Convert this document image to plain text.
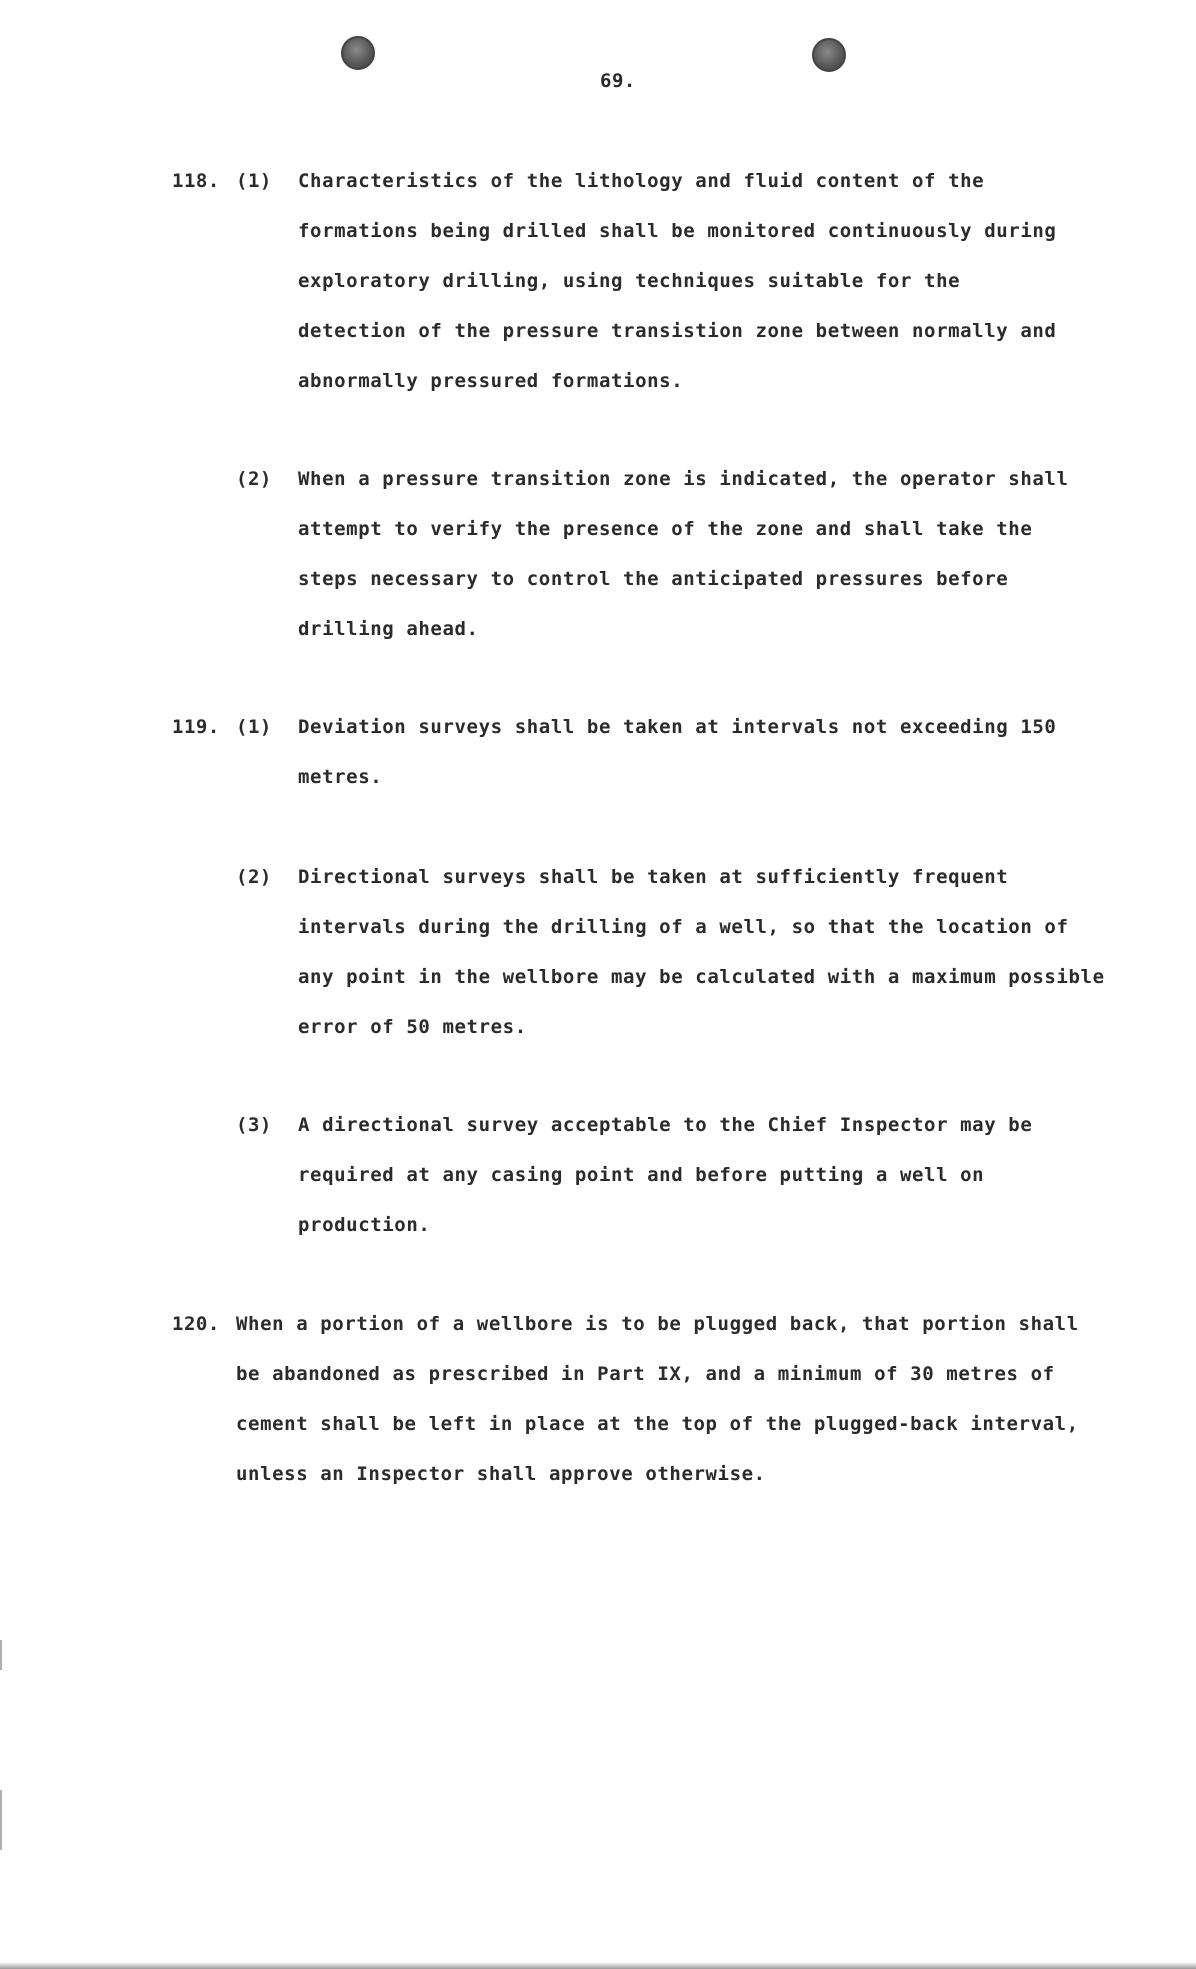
69.
118. (1) Characteristics of the lithology and fluid content of the
formations being drilled shall be monitored continuously during
exploratory drilling, using techniques suitable for the
detection of the pressure transistion zone between normally and
abnormally pressured formations.
(2) When a pressure transition zone is indicated, the operator shall
attempt to verify the presence of the zone and shall take the
steps necessary to control the anticipated pressures before
drilling ahead.
119. (1) Deviation surveys shall be taken at intervals not exceeding 150
metres.
(2) Directional surveys shall be taken at sufficiently frequent
intervals during the drilling of a well, so that the location of
any point in the wellbore may be calculated with a maximum possible
error of 50 metres.
(3) A directional survey acceptable to the Chief Inspector may be
required at any casing point and before putting a well on
production.
120. When a portion of a wellbore is to be plugged back, that portion shall
be abandoned as prescribed in Part IX, and a minimum of 30 metres of
cement shall be left in place at the top of the plugged-back interval,
unless an Inspector shall approve otherwise.
